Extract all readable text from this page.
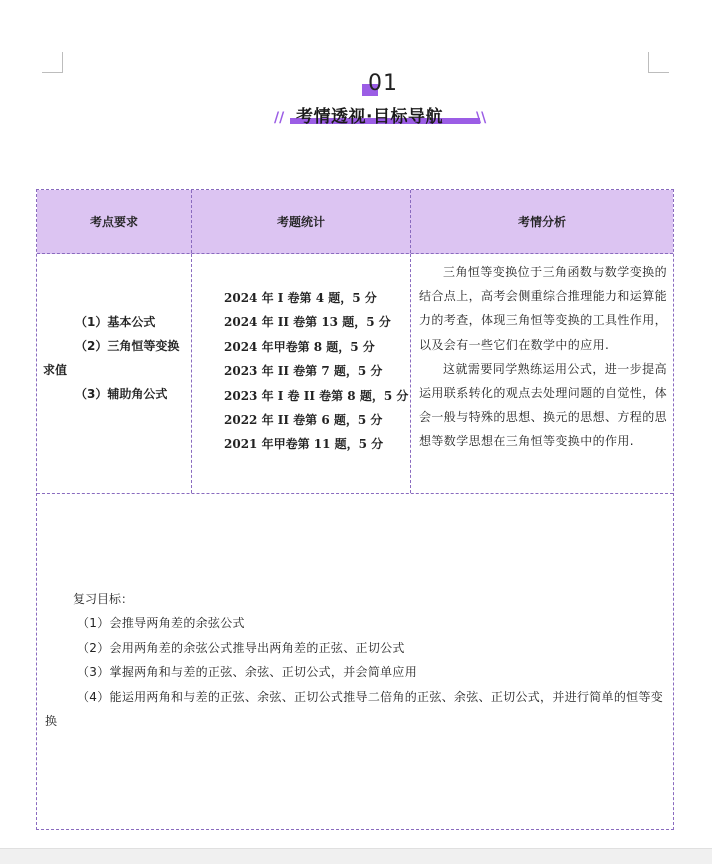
01
// 考情透视·目标导航 \\
考点要求	考题统计	考情分析
（1）基本公式
（2）三角恒等变换
求值
（3）辅助角公式
2024 年 I 卷第 4 题，5 分
2024 年 II 卷第 13 题，5 分
2024 年甲卷第 8 题，5 分
2023 年 II 卷第 7 题，5 分
2023 年 I 卷 II 卷第 8 题，5 分
2022 年 II 卷第 6 题，5 分
2021 年甲卷第 11 题，5 分

三角恒等变换位于三角函数与数学变换的结合点上，高考会侧重综合推理能力和运算能力的考查，体现三角恒等变换的工具性作用，以及会有一些它们在数学中的应用.

这就需要同学熟练运用公式，进一步提高运用联系转化的观点去处理问题的自觉性，体会一般与特殊的思想、换元的思想、方程的思想等数学思想在三角恒等变换中的作用.

复习目标：
（1）会推导两角差的余弦公式
（2）会用两角差的余弦公式推导出两角差的正弦、正切公式
（3）掌握两角和与差的正弦、余弦、正切公式，并会简单应用
（4）能运用两角和与差的正弦、余弦、正切公式推导二倍角的正弦、余弦、正切公式，并进行简单的恒等变换
